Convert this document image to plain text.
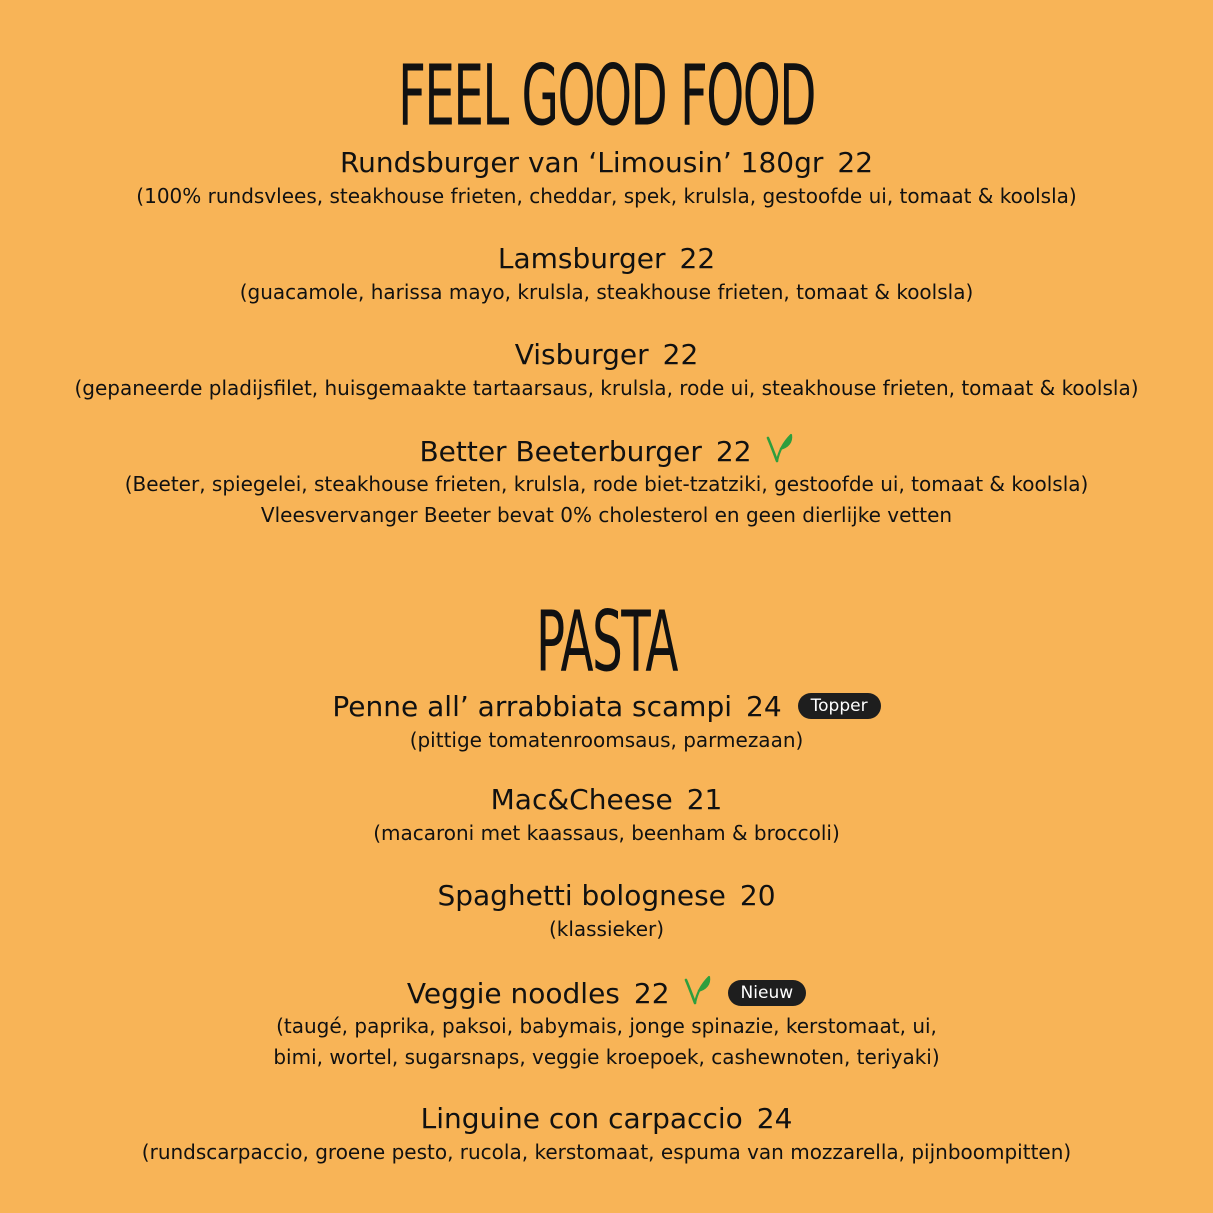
FEEL GOOD FOOD
Rundsburger van ‘Limousin’ 180gr 22
(100% rundsvlees, steakhouse frieten, cheddar, spek, krulsla, gestoofde ui, tomaat & koolsla)
Lamsburger 22
(guacamole, harissa mayo, krulsla, steakhouse frieten, tomaat & koolsla)
Visburger 22
(gepaneerde pladijsfilet, huisgemaakte tartaarsaus, krulsla, rode ui, steakhouse frieten, tomaat & koolsla)
Better Beeterburger 22
(Beeter, spiegelei, steakhouse frieten, krulsla, rode biet-tzatziki, gestoofde ui, tomaat & koolsla)
Vleesvervanger Beeter bevat 0% cholesterol en geen dierlijke vetten
PASTA
Penne all’ arrabbiata scampi 24 Topper
(pittige tomatenroomsaus, parmezaan)
Mac&Cheese 21
(macaroni met kaassaus, beenham & broccoli)
Spaghetti bolognese 20
(klassieker)
Veggie noodles 22	Nieuw
(taugé, paprika, paksoi, babymais, jonge spinazie, kerstomaat, ui,
bimi, wortel, sugarsnaps, veggie kroepoek, cashewnoten, teriyaki)
Linguine con carpaccio 24
(rundscarpaccio, groene pesto, rucola, kerstomaat, espuma van mozzarella, pijnboompitten)
